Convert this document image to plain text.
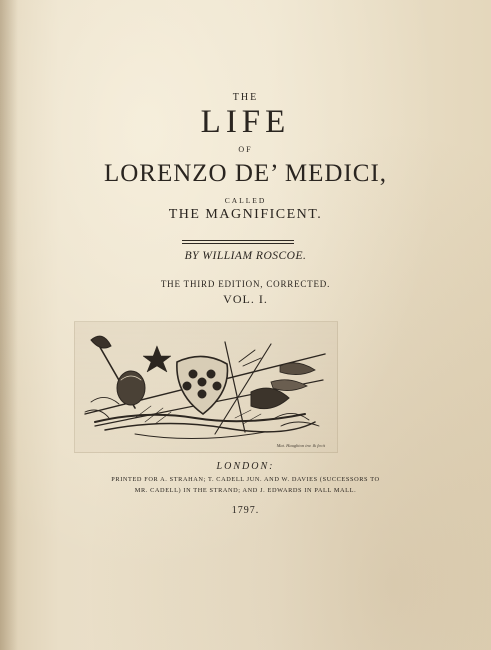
THE
LIFE
OF
LORENZO DE’ MEDICI,
CALLED
THE MAGNIFICENT.
BY WILLIAM ROSCOE.
THE THIRD EDITION, CORRECTED.
VOL. I.
Mat. Haughton inv. & fecit
LONDON:
PRINTED FOR A. STRAHAN; T. CADELL JUN. AND W. DAVIES (SUCCESSORS TO
MR. CADELL) IN THE STRAND; AND J. EDWARDS IN PALL MALL.
1797.
